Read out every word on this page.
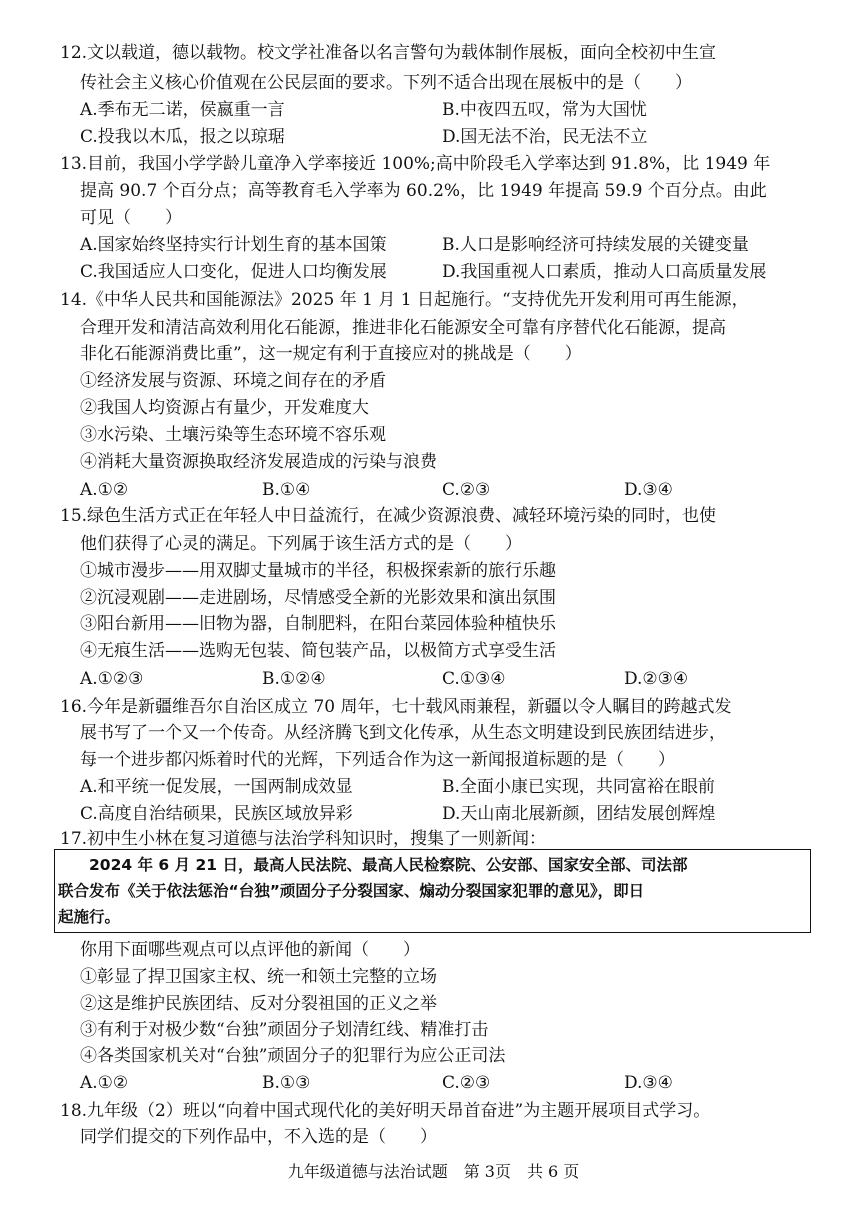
12.文以载道，德以载物。校文学社准备以名言警句为载体制作展板，面向全校初中生宣
传社会主义核心价值观在公民层面的要求。下列不适合出现在展板中的是（　　）
A.季布无二诺，侯嬴重一言	B.中夜四五叹，常为大国忧
C.投我以木瓜，报之以琼琚	D.国无法不治，民无法不立
13.目前，我国小学学龄儿童净入学率接近 100%;高中阶段毛入学率达到 91.8%，比 1949 年
提高 90.7 个百分点；高等教育毛入学率为 60.2%，比 1949 年提高 59.9 个百分点。由此
可见（　　）
A.国家始终坚持实行计划生育的基本国策	B.人口是影响经济可持续发展的关键变量
C.我国适应人口变化，促进人口均衡发展	D.我国重视人口素质，推动人口高质量发展
14.《中华人民共和国能源法》2025 年 1 月 1 日起施行。“支持优先开发利用可再生能源，
合理开发和清洁高效利用化石能源，推进非化石能源安全可靠有序替代化石能源，提高
非化石能源消费比重”，这一规定有利于直接应对的挑战是（　　）
①经济发展与资源、环境之间存在的矛盾
②我国人均资源占有量少，开发难度大
③水污染、土壤污染等生态环境不容乐观
④消耗大量资源换取经济发展造成的污染与浪费
A.①②	B.①④	C.②③	D.③④
15.绿色生活方式正在年轻人中日益流行，在减少资源浪费、减轻环境污染的同时，也使
他们获得了心灵的满足。下列属于该生活方式的是（　　）
①城市漫步——用双脚丈量城市的半径，积极探索新的旅行乐趣
②沉浸观剧——走进剧场，尽情感受全新的光影效果和演出氛围
③阳台新用——旧物为器，自制肥料，在阳台菜园体验种植快乐
④无痕生活——选购无包装、简包装产品，以极简方式享受生活
A.①②③	B.①②④	C.①③④	D.②③④
16.今年是新疆维吾尔自治区成立 70 周年，七十载风雨兼程，新疆以令人瞩目的跨越式发
展书写了一个又一个传奇。从经济腾飞到文化传承，从生态文明建设到民族团结进步，
每一个进步都闪烁着时代的光辉，下列适合作为这一新闻报道标题的是（　　）
A.和平统一促发展，一国两制成效显	B.全面小康已实现，共同富裕在眼前
C.高度自治结硕果，民族区域放异彩	D.天山南北展新颜，团结发展创辉煌
17.初中生小林在复习道德与法治学科知识时，搜集了一则新闻：
　　2024 年 6 月 21 日，最高人民法院、最高人民检察院、公安部、国家安全部、司法部
联合发布《关于依法惩治“台独”顽固分子分裂国家、煽动分裂国家犯罪的意见》，即日
起施行。
你用下面哪些观点可以点评他的新闻（　　）
①彰显了捍卫国家主权、统一和领土完整的立场
②这是维护民族团结、反对分裂祖国的正义之举
③有利于对极少数“台独”顽固分子划清红线、精准打击
④各类国家机关对“台独”顽固分子的犯罪行为应公正司法
A.①②	B.①③	C.②③	D.③④
18.九年级（2）班以“向着中国式现代化的美好明天昂首奋进”为主题开展项目式学习。
同学们提交的下列作品中，不入选的是（　　）
九年级道德与法治试题　第 3页　共 6 页
